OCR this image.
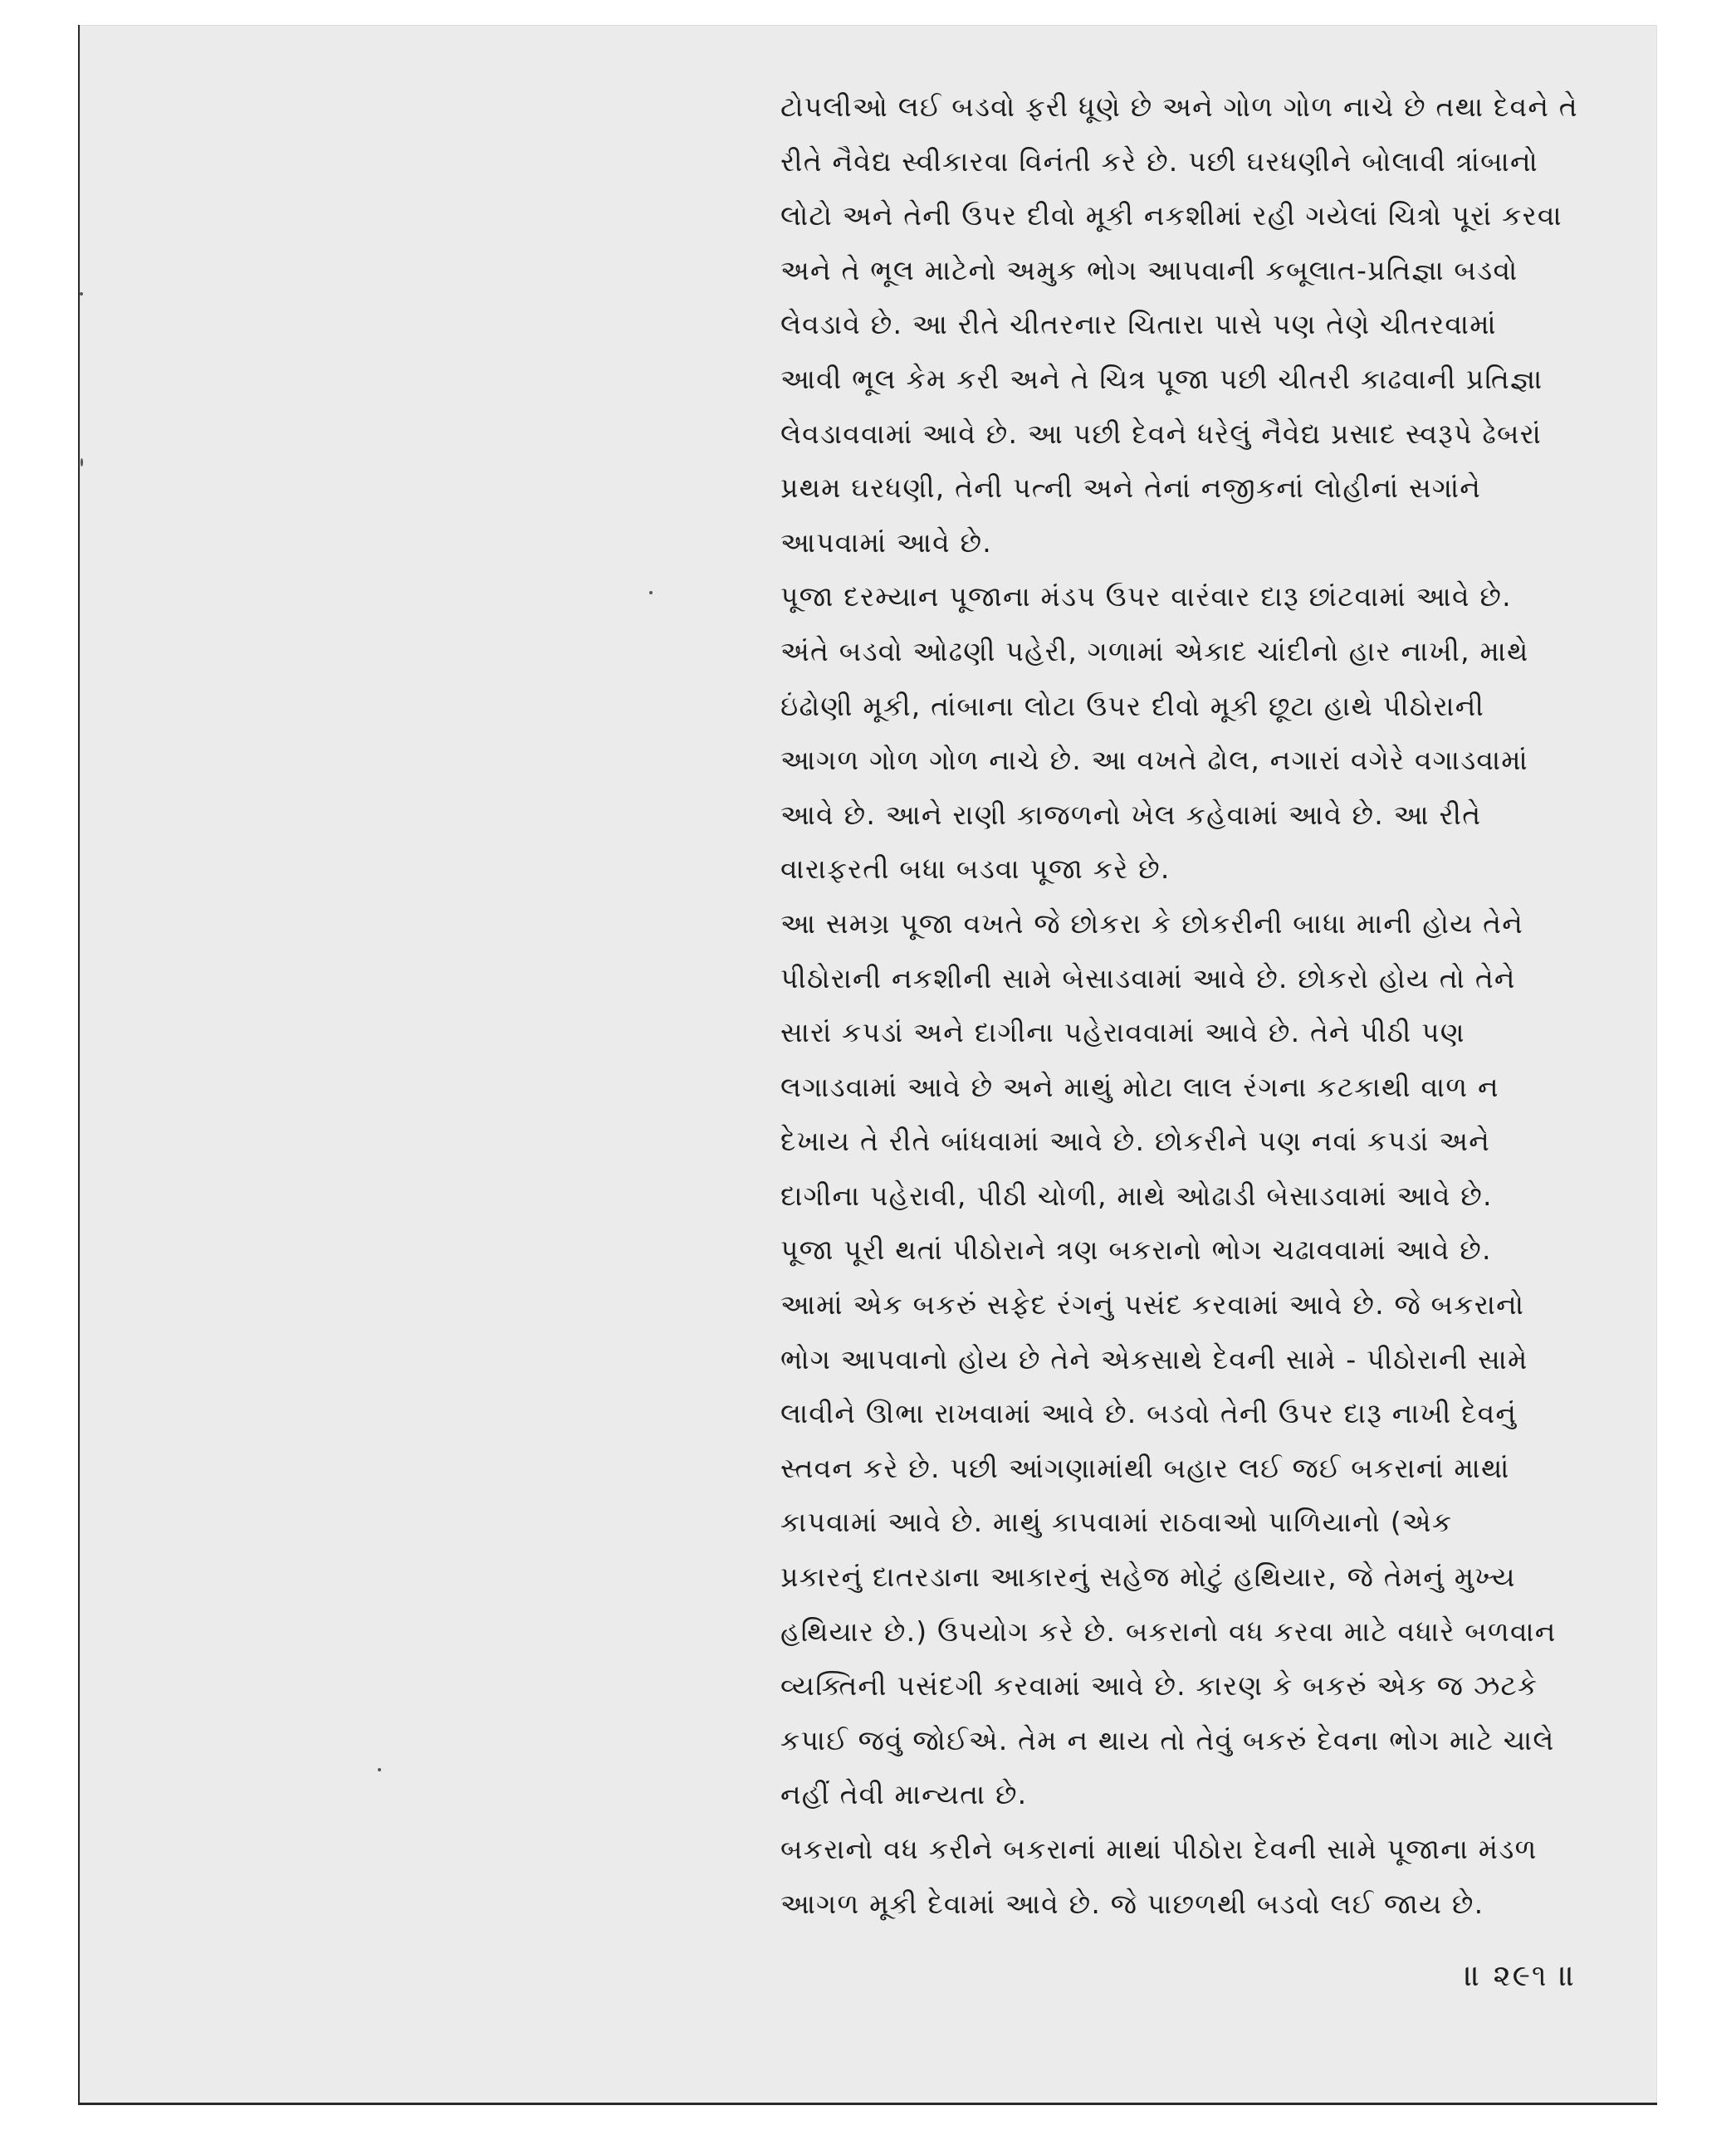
ટોપલીઓ લઈ બડવો ફરી ધૂણે છે અને ગોળ ગોળ નાચે છે તથા દેવને તે
રીતે નૈવેદ્ય સ્વીકારવા વિનંતી કરે છે. પછી ઘરધણીને બોલાવી ત્રાંબાનો
લોટો અને તેની ઉપર દીવો મૂકી નકશીમાં રહી ગયેલાં ચિત્રો પૂરાં કરવા
અને તે ભૂલ માટેનો અમુક ભોગ આપવાની કબૂલાત-પ્રતિજ્ઞા બડવો
લેવડાવે છે. આ રીતે ચીતરનાર ચિતારા પાસે પણ તેણે ચીતરવામાં
આવી ભૂલ કેમ કરી અને તે ચિત્ર પૂજા પછી ચીતરી કાઢવાની પ્રતિજ્ઞા
લેવડાવવામાં આવે છે. આ પછી દેવને ધરેલું નૈવેદ્ય પ્રસાદ સ્વરૂપે ઢેબરાં
પ્રથમ ઘરધણી, તેની પત્ની અને તેનાં નજીકનાં લોહીનાં સગાંને
આપવામાં આવે છે.
પૂજા દરમ્યાન પૂજાના મંડપ ઉપર વારંવાર દારૂ છાંટવામાં આવે છે.
અંતે બડવો ઓઢણી પહેરી, ગળામાં એકાદ ચાંદીનો હાર નાખી, માથે
ઇંઢોણી મૂકી, તાંબાના લોટા ઉપર દીવો મૂકી છૂટા હાથે પીઠોરાની
આગળ ગોળ ગોળ નાચે છે. આ વખતે ઢોલ, નગારાં વગેરે વગાડવામાં
આવે છે. આને રાણી કાજળનો ખેલ કહેવામાં આવે છે. આ રીતે
વારાફરતી બધા બડવા પૂજા કરે છે.
આ સમગ્ર પૂજા વખતે જે છોકરા કે છોકરીની બાધા માની હોય તેને
પીઠોરાની નકશીની સામે બેસાડવામાં આવે છે. છોકરો હોય તો તેને
સારાં કપડાં અને દાગીના પહેરાવવામાં આવે છે. તેને પીઠી પણ
લગાડવામાં આવે છે અને માથું મોટા લાલ રંગના કટકાથી વાળ ન
દેખાય તે રીતે બાંધવામાં આવે છે. છોકરીને પણ નવાં કપડાં અને
દાગીના પહેરાવી, પીઠી ચોળી, માથે ઓઢાડી બેસાડવામાં આવે છે.
પૂજા પૂરી થતાં પીઠોરાને ત્રણ બકરાનો ભોગ ચઢાવવામાં આવે છે.
આમાં એક બકરું સફેદ રંગનું પસંદ કરવામાં આવે છે. જે બકરાનો
ભોગ આપવાનો હોય છે તેને એકસાથે દેવની સામે - પીઠોરાની સામે
લાવીને ઊભા રાખવામાં આવે છે. બડવો તેની ઉપર દારૂ નાખી દેવનું
સ્તવન કરે છે. પછી આંગણામાંથી બહાર લઈ જઈ બકરાનાં માથાં
કાપવામાં આવે છે. માથું કાપવામાં રાઠવાઓ પાળિયાનો (એક
પ્રકારનું દાતરડાના આકારનું સહેજ મોટું હથિયાર, જે તેમનું મુખ્ય
હથિયાર છે.) ઉપયોગ કરે છે. બકરાનો વધ કરવા માટે વધારે બળવાન
વ્યક્તિની પસંદગી કરવામાં આવે છે. કારણ કે બકરું એક જ ઝટકે
કપાઈ જવું જોઈએ. તેમ ન થાય તો તેવું બકરું દેવના ભોગ માટે ચાલે
નહીં તેવી માન્યતા છે.
બકરાનો વધ કરીને બકરાનાં માથાં પીઠોરા દેવની સામે પૂજાના મંડળ
આગળ મૂકી દેવામાં આવે છે. જે પાછળથી બડવો લઈ જાય છે.
॥ ૨૯૧ ॥
